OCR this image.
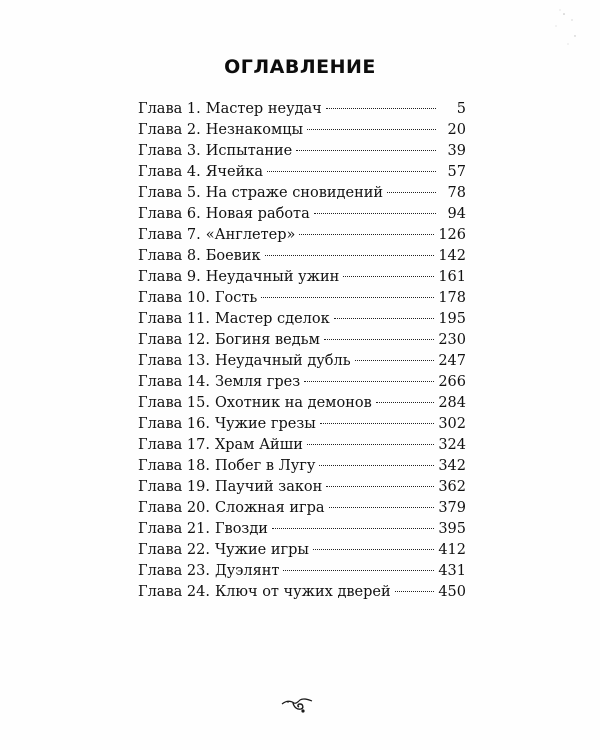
ОГЛАВЛЕНИЕ
Глава 1. Мастер неудач	5
Глава 2. Незнакомцы	20
Глава 3. Испытание	39
Глава 4. Ячейка	57
Глава 5. На страже сновидений	78
Глава 6. Новая работа	94
Глава 7. «Англетер»	126
Глава 8. Боевик	142
Глава 9. Неудачный ужин	161
Глава 10. Гость	178
Глава 11. Мастер сделок	195
Глава 12. Богиня ведьм	230
Глава 13. Неудачный дубль	247
Глава 14. Земля грез	266
Глава 15. Охотник на демонов	284
Глава 16. Чужие грезы	302
Глава 17. Храм Айши	324
Глава 18. Побег в Лугу	342
Глава 19. Паучий закон	362
Глава 20. Сложная игра	379
Глава 21. Гвозди	395
Глава 22. Чужие игры	412
Глава 23. Дуэлянт	431
Глава 24. Ключ от чужих дверей	450
